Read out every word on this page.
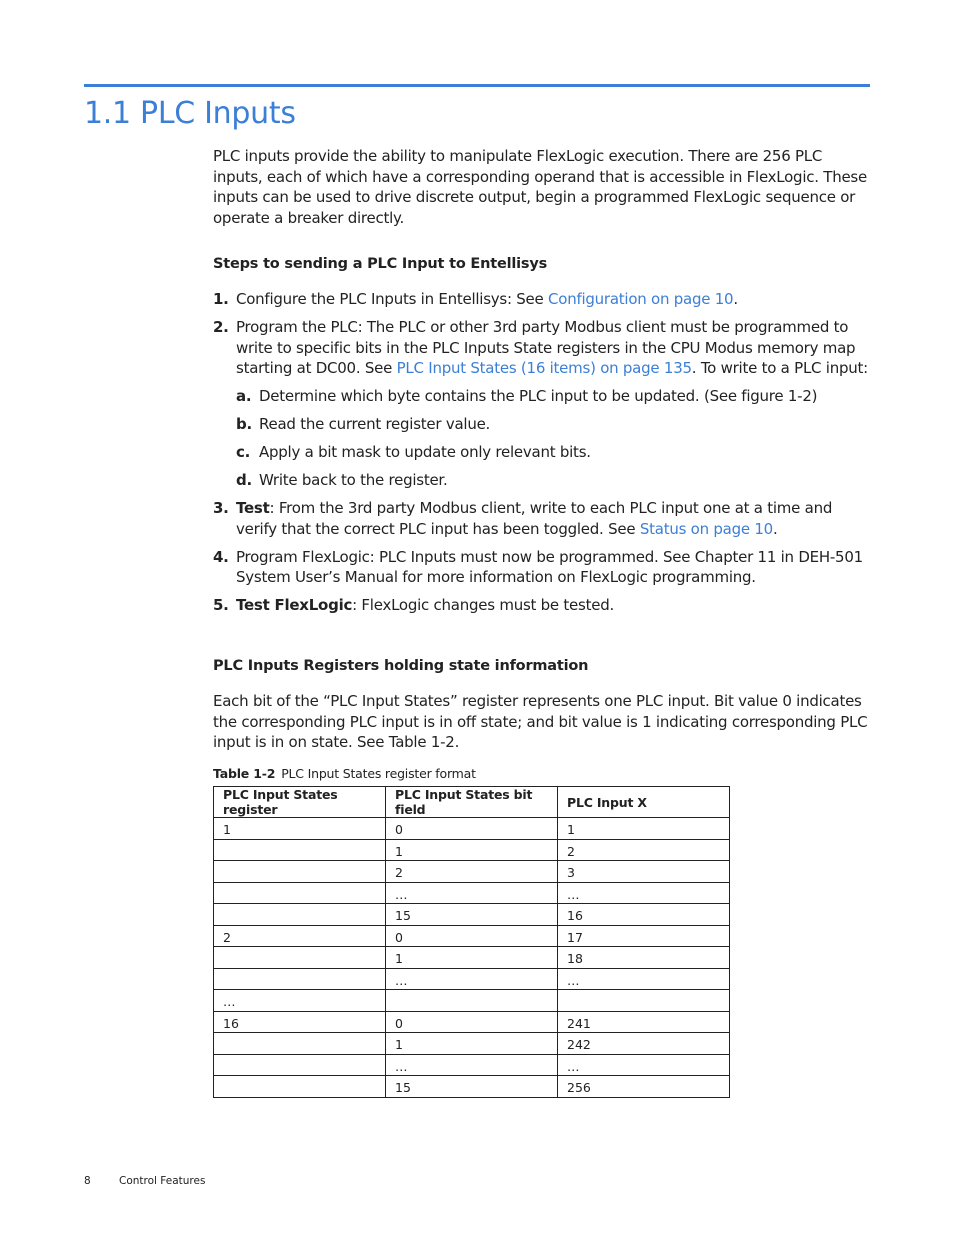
1.1 PLC Inputs
PLC inputs provide the ability to manipulate FlexLogic execution. There are 256 PLC inputs, each of which have a corresponding operand that is accessible in FlexLogic. These inputs can be used to drive discrete output, begin a programmed FlexLogic sequence or operate a breaker directly.
Steps to sending a PLC Input to Entellisys
1. Configure the PLC Inputs in Entellisys: See Configuration on page 10.
2. Program the PLC: The PLC or other 3rd party Modbus client must be programmed to write to specific bits in the PLC Inputs State registers in the CPU Modus memory map starting at DC00. See PLC Input States (16 items) on page 135. To write to a PLC input:
a. Determine which byte contains the PLC input to be updated. (See figure 1-2)
b. Read the current register value.
c. Apply a bit mask to update only relevant bits.
d. Write back to the register.
3. Test: From the 3rd party Modbus client, write to each PLC input one at a time and verify that the correct PLC input has been toggled. See Status on page 10.
4. Program FlexLogic: PLC Inputs must now be programmed. See Chapter 11 in DEH-501 System User’s Manual for more information on FlexLogic programming.
5. Test FlexLogic: FlexLogic changes must be tested.
PLC Inputs Registers holding state information
Each bit of the “PLC Input States” register represents one PLC input. Bit value 0 indicates the corresponding PLC input is in off state; and bit value is 1 indicating corresponding PLC input is in on state. See Table 1-2.
Table 1-2 PLC Input States register format
PLC Input States register	PLC Input States bit field	PLC Input X
1	0	1
	1	2
	2	3
	…	…
	15	16
2	0	17
	1	18
	…	…
…		
16	0	241
	1	242
	…	…
	15	256
8	Control Features
